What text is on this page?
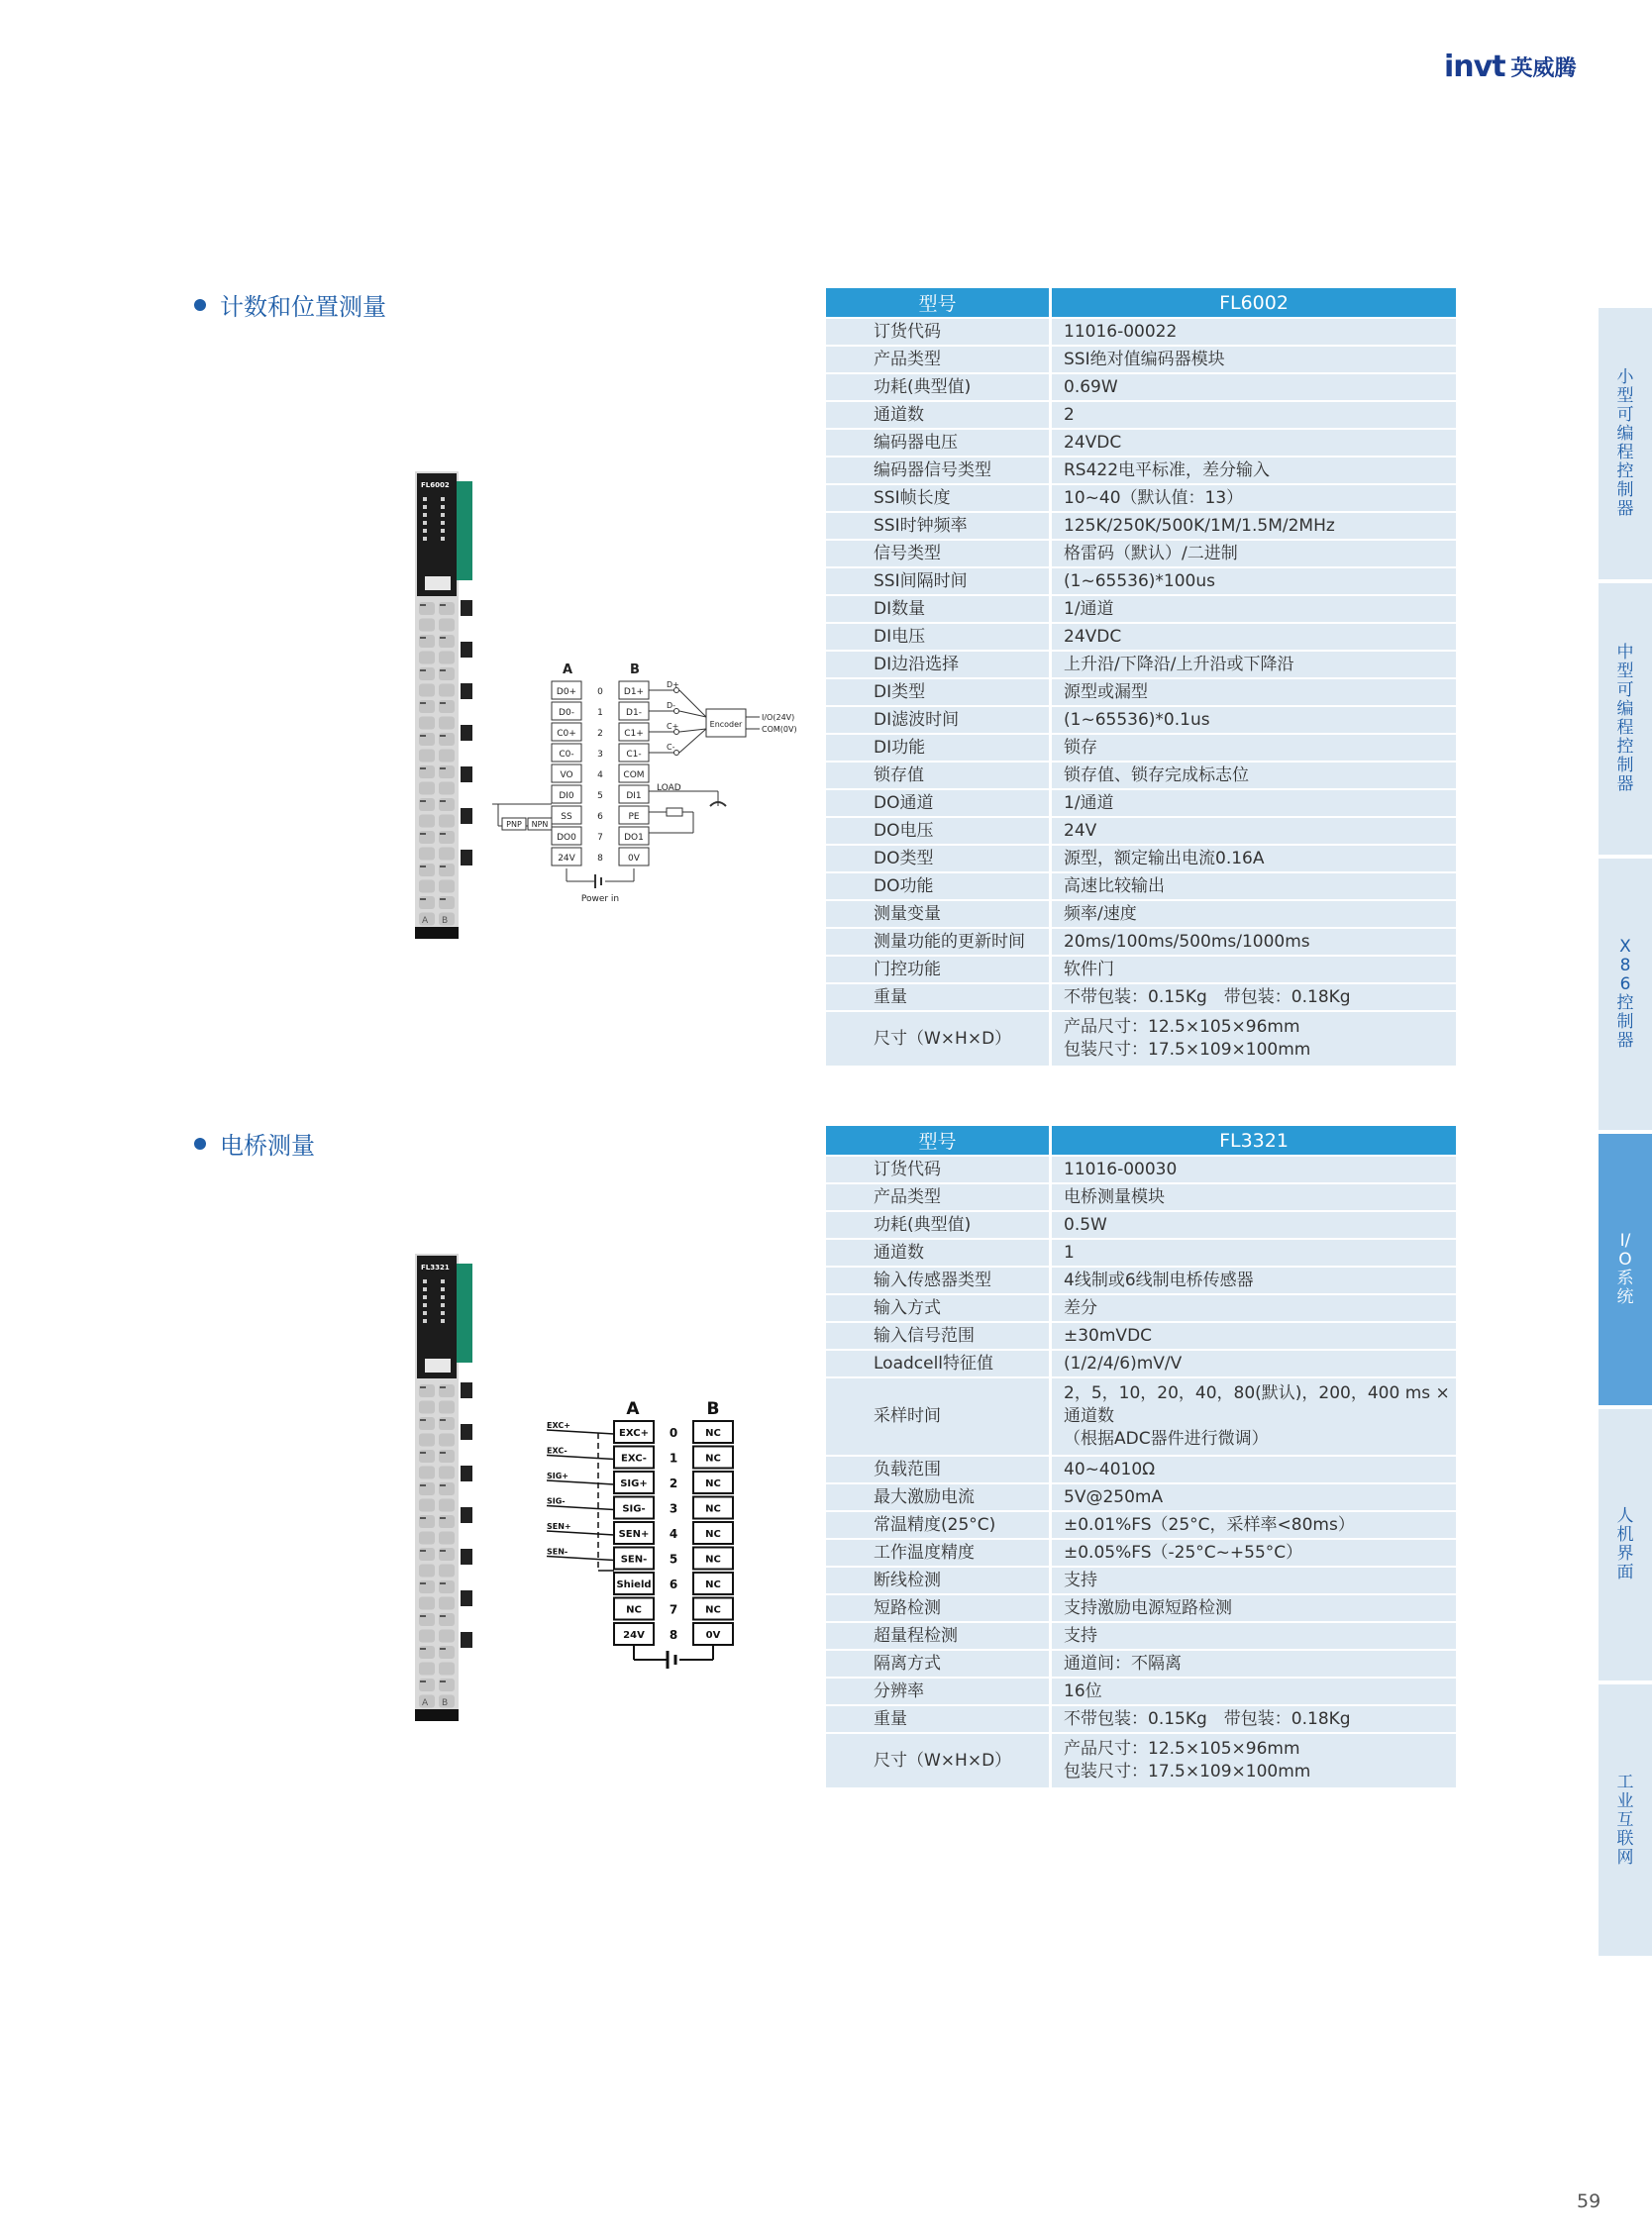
invt 英威腾
计数和位置测量
电桥测量
型号	FL6002
订货代码	11016-00022
产品类型	SSI绝对值编码器模块
功耗(典型值)	0.69W
通道数	2
编码器电压	24VDC
编码器信号类型	RS422电平标准，差分输入
SSI帧长度	10~40（默认值：13）
SSI时钟频率	125K/250K/500K/1M/1.5M/2MHz
信号类型	格雷码（默认）/二进制
SSI间隔时间	(1~65536)*100us
DI数量	1/通道
DI电压	24VDC
DI边沿选择	上升沿/下降沿/上升沿或下降沿
DI类型	源型或漏型
DI滤波时间	(1~65536)*0.1us
DI功能	锁存
锁存值	锁存值、锁存完成标志位
DO通道	1/通道
DO电压	24V
DO类型	源型，额定输出电流0.16A
DO功能	高速比较输出
测量变量	频率/速度
测量功能的更新时间	20ms/100ms/500ms/1000ms
门控功能	软件门
重量	不带包装：0.15Kg　带包装：0.18Kg
尺寸（W×H×D）	产品尺寸：12.5×105×96mm
包装尺寸：17.5×109×100mm
型号	FL3321
订货代码	11016-00030
产品类型	电桥测量模块
功耗(典型值)	0.5W
通道数	1
输入传感器类型	4线制或6线制电桥传感器
输入方式	差分
输入信号范围	±30mVDC
Loadcell特征值	(1/2/4/6)mV/V
采样时间	2，5，10，20，40，80(默认)，200，400 ms × 通道数
（根据ADC器件进行微调）

负载范围	40~4010Ω
最大激励电流	5V@250mA
常温精度(25°C)	±0.01%FS（25°C，采样率<80ms）
工作温度精度	±0.05%FS（-25°C~+55°C）
断线检测	支持
短路检测	支持激励电源短路检测
超量程检测	支持
隔离方式	通道间：不隔离
分辨率	16位
重量	不带包装：0.15Kg　带包装：0.18Kg
尺寸（W×H×D）	产品尺寸：12.5×105×96mm
包装尺寸：17.5×109×100mm
FL6002
A B
FL3321
A B
A	B
D0+ 0 D1+
D0-	1	D1-
C0+ 2 C1+
C0-	3	C1-
VO	4 COM
DI0	5	DI1
SS	6	PE
DO0 7 DO1
24V 8	0V
D+
D-
C+
C-
Encoder
I/O(24V)
COM(0V)
LOAD
PNP NPN
Power in
A	B
EXC+ 0	NC
EXC- 1	NC
SIG+ 2	NC
SIG- 3	NC
SEN+ 4	NC
SEN- 5	NC
Shield 6	NC
NC 7	NC
24V 8	0V
EXC+
EXC-
SIG+
SIG-
SEN+
SEN-
小型可编程控制器
中型可编程控制器
X86控制器
I/O系统
人机界面
工业互联网
59
